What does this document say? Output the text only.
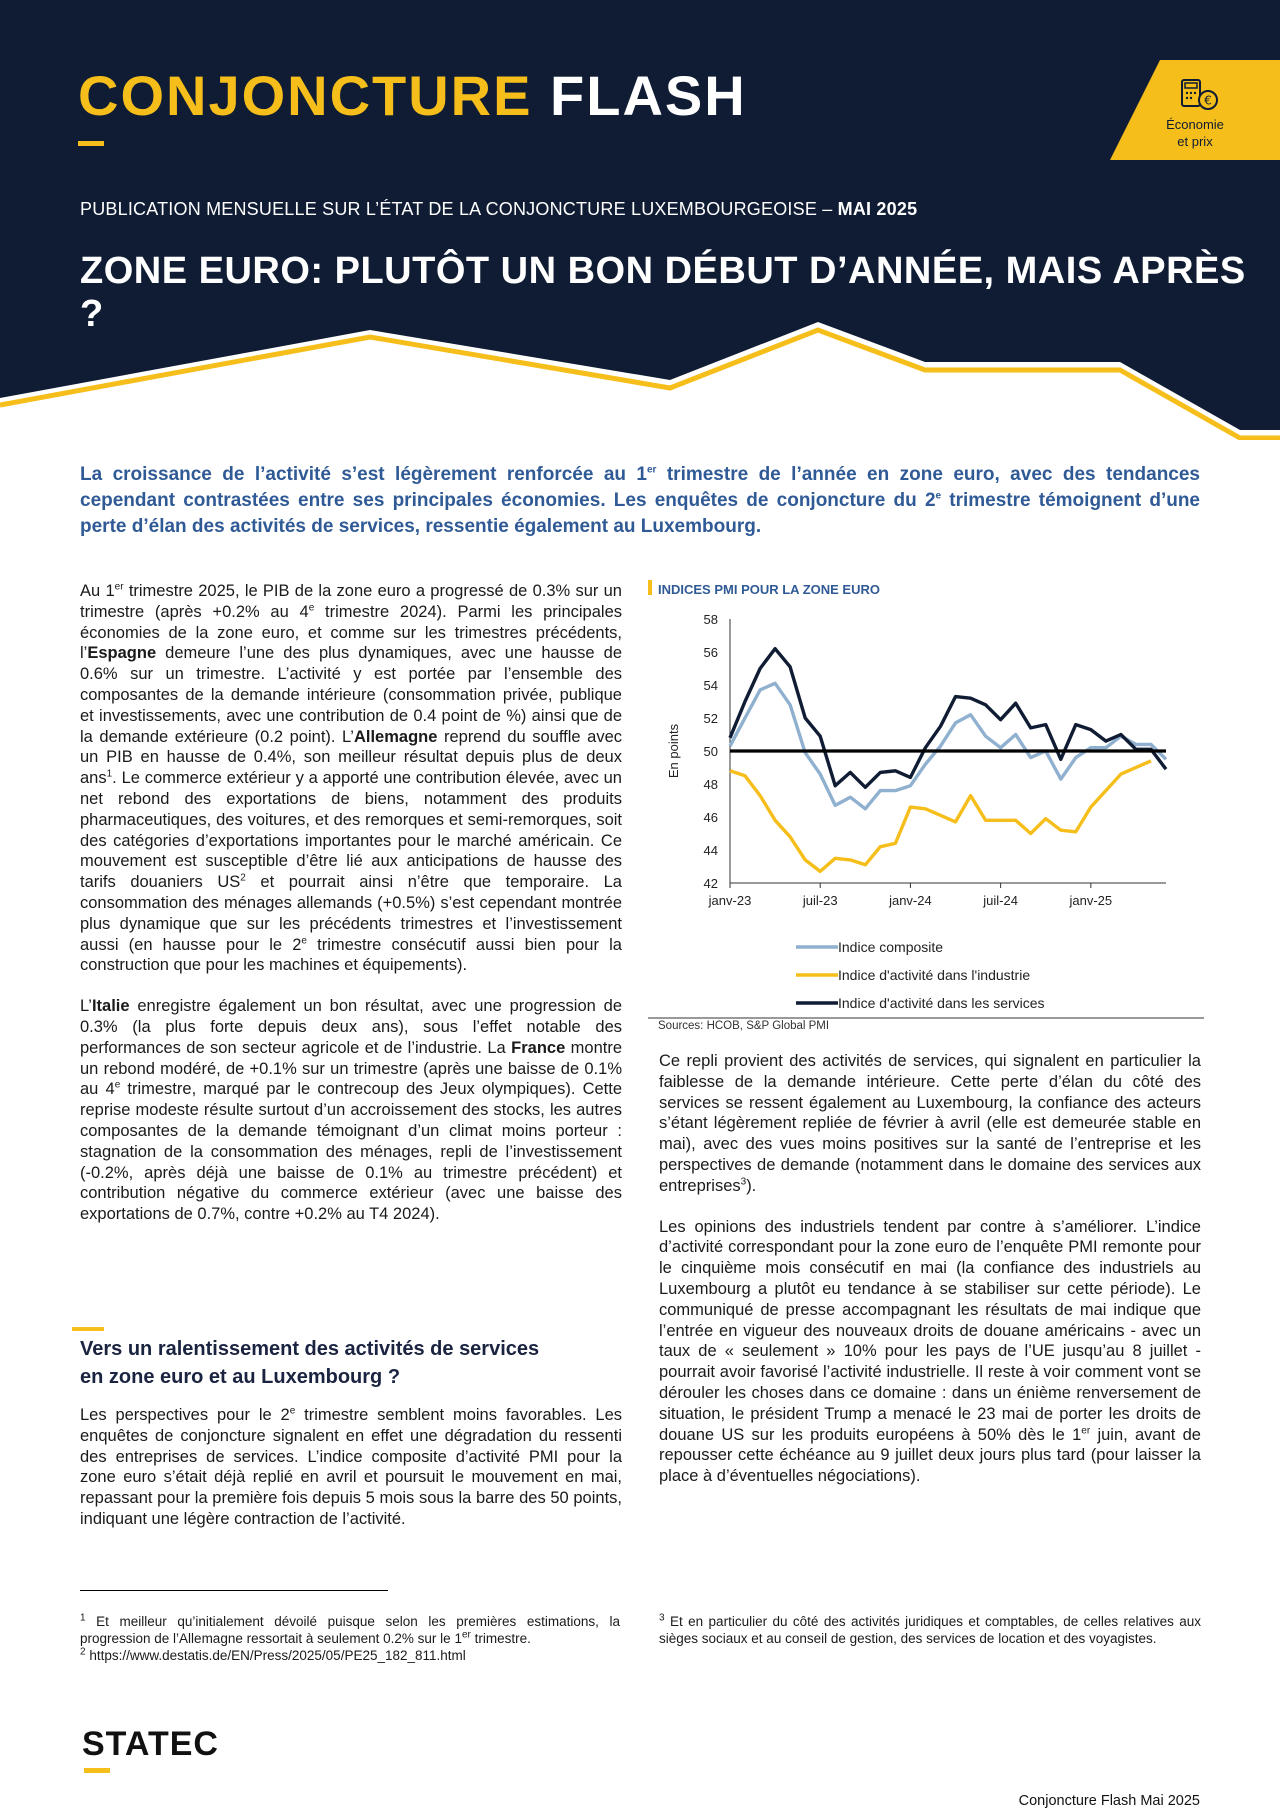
CONJONCTURE FLASH	€
Économie
et prix
PUBLICATION MENSUELLE SUR L’ÉTAT DE LA CONJONCTURE LUXEMBOURGEOISE – MAI 2025
ZONE EURO: PLUTÔT UN BON DÉBUT D’ANNÉE, MAIS APRÈS ?
La croissance de l’activité s’est légèrement renforcée au 1er trimestre de l’année en zone euro, avec des tendances cependant contrastées entre ses principales économies. Les enquêtes de conjoncture du 2e trimestre témoignent d’une perte d’élan des activités de services, ressentie également au Luxembourg.

Au 1er trimestre 2025, le PIB de la zone euro a progressé de 0.3% sur un trimestre (après +0.2% au 4e trimestre 2024). Parmi les principales économies de la zone euro, et comme sur les trimestres précédents, l’Espagne demeure l’une des plus dynamiques, avec une hausse de 0.6% sur un trimestre. L’activité y est portée par l’ensemble des composantes de la demande intérieure (consommation privée, publique et investissements, avec une contribution de 0.4 point de %) ainsi que de la demande extérieure (0.2 point). L’Allemagne reprend du souffle avec un PIB en hausse de 0.4%, son meilleur résultat depuis plus de deux ans$^1$. Le commerce extérieur y a apporté une contribution élevée, avec un net rebond des exportations de biens, notamment des produits pharmaceutiques, des voitures, et des remorques et semi-remorques, soit des catégories d’exportations importantes pour le marché américain. Ce mouvement est susceptible d’être lié aux anticipations de hausse des tarifs douaniers $US^2$ et pourrait ainsi n’être que temporaire. La consommation des ménages allemands (+0.5%) s’est cependant montrée plus dynamique que sur les précédents trimestres et l’investissement aussi (en hausse pour le 2e trimestre consécutif aussi bien pour la construction que pour les machines et équipements).

L’Italie enregistre également un bon résultat, avec une progression de 0.3% (la plus forte depuis deux ans), sous l’effet notable des performances de son secteur agricole et de l’industrie. La France montre un rebond modéré, de +0.1% sur un trimestre (après une baisse de 0.1% au 4e trimestre, marqué par le contrecoup des Jeux olympiques). Cette reprise modeste résulte surtout d’un accroissement des stocks, les autres composantes de la demande témoignant d’un climat moins porteur : stagnation de la consommation des ménages, repli de l’investissement (-0.2%, après déjà une baisse de 0.1% au trimestre précédent) et contribution négative du commerce extérieur (avec une baisse des exportations de 0.7%, contre +0.2% au T4 2024).

Vers un ralentissement des activités de services
en zone euro et au Luxembourg ?

Les perspectives pour le 2e trimestre semblent moins favorables. Les enquêtes de conjoncture signalent en effet une dégradation du ressenti des entreprises de services. L’indice composite d’activité PMI pour la zone euro s’était déjà replié en avril et poursuit le mouvement en mai, repassant pour la première fois depuis 5 mois sous la barre des 50 points, indiquant une légère contraction de l’activité.

INDICES PMI POUR LA ZONE EURO
42
44
46
48
50
52
54
56
58
janv-23	juil-23	janv-24	juil-24	janv-25
En points
Indice composite
Indice d'activité dans l'industrie
Indice d'activité dans les services
Sources: HCOB, S&P Global PMI

Ce repli provient des activités de services, qui signalent en particulier la faiblesse de la demande intérieure. Cette perte d’élan du côté des services se ressent également au Luxembourg, la confiance des acteurs s’étant légèrement repliée de février à avril (elle est demeurée stable en mai), avec des vues moins positives sur la santé de l’entreprise et les perspectives de demande (notamment dans le domaine des services aux entreprises$^3$).

Les opinions des industriels tendent par contre à s’améliorer. L’indice d’activité correspondant pour la zone euro de l’enquête PMI remonte pour le cinquième mois consécutif en mai (la confiance des industriels au Luxembourg a plutôt eu tendance à se stabiliser sur cette période). Le communiqué de presse accompagnant les résultats de mai indique que l’entrée en vigueur des nouveaux droits de douane américains - avec un taux de « seulement » 10% pour les pays de l’UE jusqu’au 8 juillet - pourrait avoir favorisé l’activité industrielle. Il reste à voir comment vont se dérouler les choses dans ce domaine : dans un énième renversement de situation, le président Trump a menacé le 23 mai de porter les droits de douane US sur les produits européens à 50% dès le 1er juin, avant de repousser cette échéance au 9 juillet deux jours plus tard (pour laisser la place à d’éventuelles négociations).

$^1$ Et meilleur qu’initialement dévoilé puisque selon les premières estimations, la progression de l’Allemagne ressortait à seulement 0.2% sur le 1er trimestre.

$^2$ https://www.destatis.de/EN/Press/2025/05/PE25_182_811.html

$^3$ Et en particulier du côté des activités juridiques et comptables, de celles relatives aux sièges sociaux et au conseil de gestion, des services de location et des voyagistes.

STATEC
Conjoncture Flash Mai 2025
